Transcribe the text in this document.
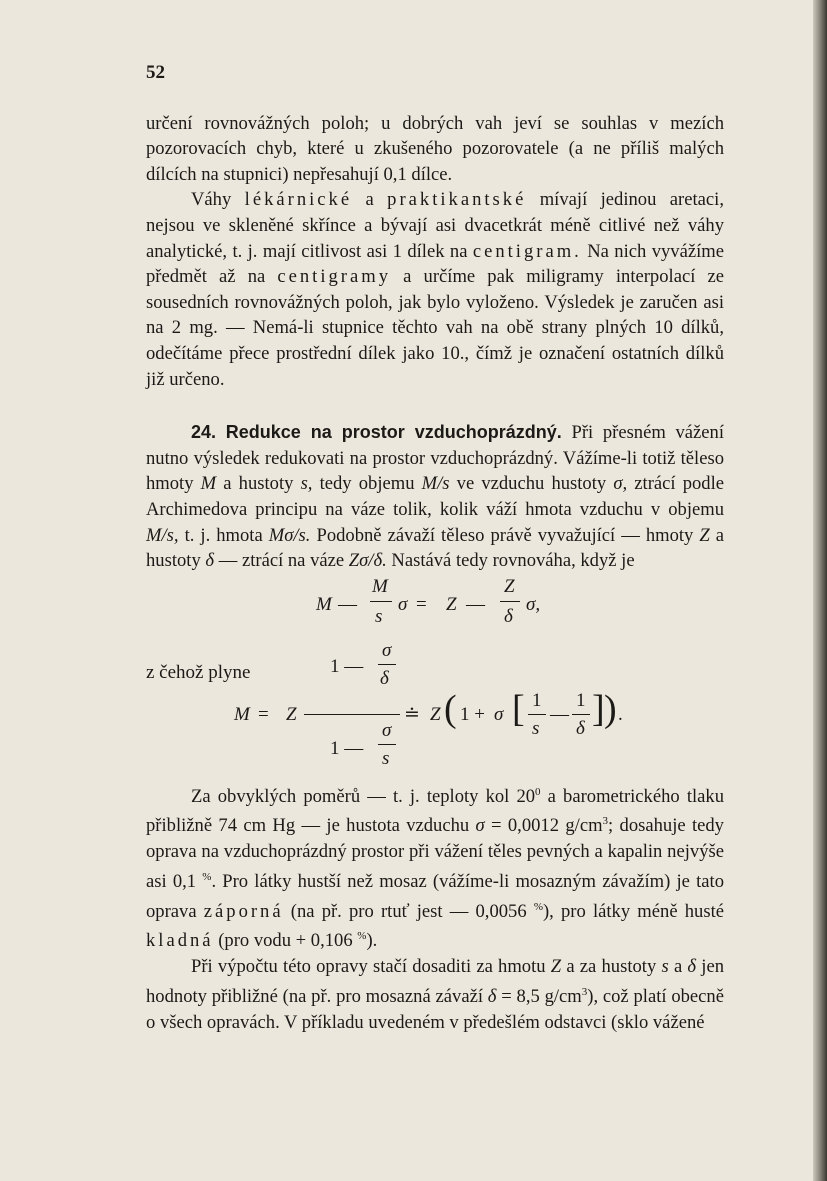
52

určení rovnovážných poloh; u dobrých vah jeví se souhlas v mezích pozorovacích chyb, které u zkušeného pozorovatele (a ne příliš malých dílcích na stupnici) nepřesahují 0,1 dílce.

Váhy lékárnické a praktikantské mívají jedinou aretaci, nejsou ve skleněné skřínce a bývají asi dvacetkrát méně citlivé než váhy analytické, t. j. mají citlivost asi 1 dílek na centigram. Na nich vyvážíme předmět až na centigramy a určíme pak miligramy interpolací ze sousedních rovnovážných poloh, jak bylo vyloženo. Výsledek je zaručen asi na 2 mg. — Nemá-li stupnice těchto vah na obě strany plných 10 dílků, odečítáme přece prostřední dílek jako 10., čímž je označení ostatních dílků již určeno.

24. Redukce na prostor vzduchoprázdný. Při přesném vážení nutno výsledek redukovati na prostor vzduchoprázdný. Vážíme-li totiž těleso hmoty M a hustoty s, tedy objemu M/s ve vzduchu hustoty σ, ztrácí podle Archimedova principu na váze tolik, kolik váží hmota vzduchu v objemu M/s, t. j. hmota Mσ/s. Podobně závaží těleso právě vyvažující — hmoty Z a hustoty δ — ztrácí na váze Zσ/δ. Nastává tedy rovnováha, když je

M —
M
s
σ = Z —
Z
δ
σ,
z čehož plyne	1 —
σ
δ
M = Z
1 —
σ
s
≐ Z ( 1 + σ [ 1
s
—
1
δ ] ) .

Za obvyklých poměrů — t. j. teploty kol $20^0$ a barometrického tlaku přibližně 74 cm Hg — je hustota vzduchu σ = 0,0012 $g/cm^3$; dosahuje tedy oprava na vzduchoprázdný prostor při vážení těles pevných a kapalin nejvýše asi 0,1 %. Pro látky hustší než mosaz (vážíme-li mosazným závažím) je tato oprava záporná (na př. pro rtuť jest — 0,0056 %), pro látky méně husté kladná (pro vodu + 0,106 %).

Při výpočtu této opravy stačí dosaditi za hmotu Z a za hustoty s a δ jen hodnoty přibližné (na př. pro mosazná závaží δ = 8,5 $g/cm^3$), což platí obecně o všech opravách. V příkladu uvedeném v předešlém odstavci (sklo vážené
